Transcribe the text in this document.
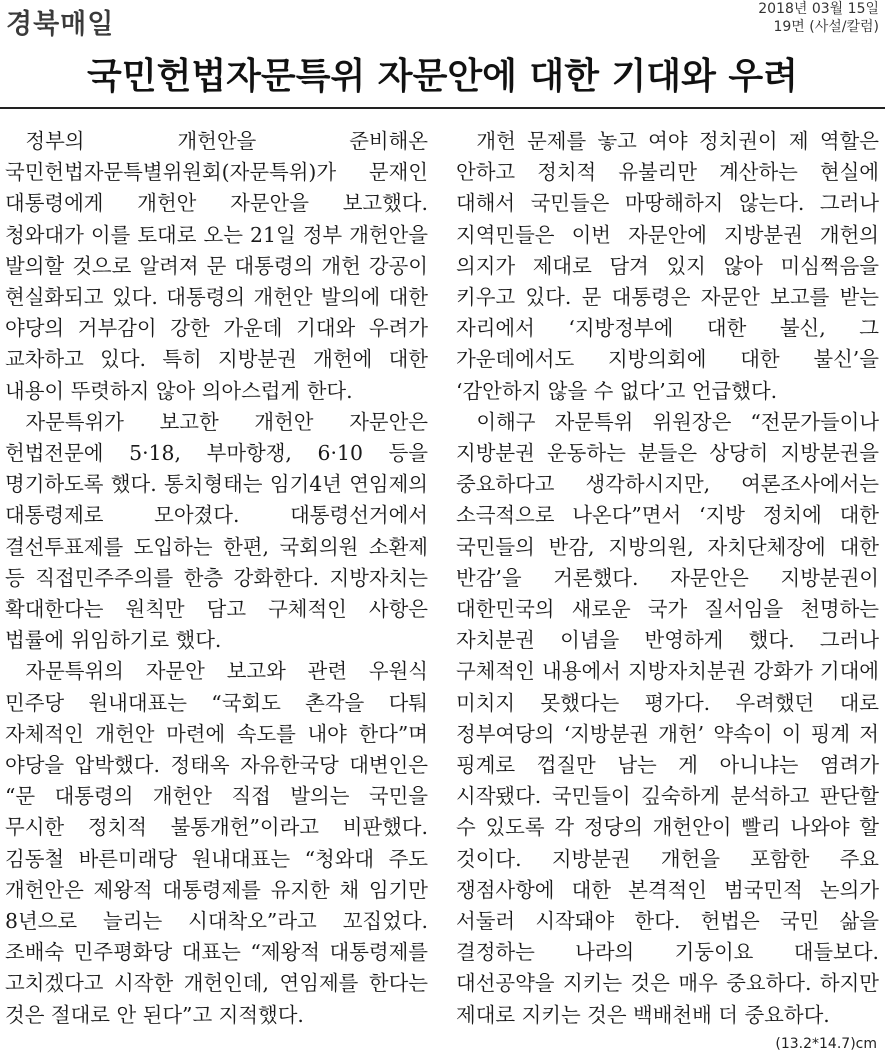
경북매일	2018년 03월 15일
19면 (사설/칼럼)
국민헌법자문특위 자문안에 대한 기대와 우려

정부의 개헌안을 준비해온 국민헌법자문특별위원회(자문특위)가 문재인 대통령에게 개헌안 자문안을 보고했다. 청와대가 이를 토대로 오는 21일 정부 개헌안을 발의할 것으로 알려져 문 대통령의 개헌 강공이 현실화되고 있다. 대통령의 개헌안 발의에 대한 야당의 거부감이 강한 가운데 기대와 우려가 교차하고 있다. 특히 지방분권 개헌에 대한 내용이 뚜렷하지 않아 의아스럽게 한다.

자문특위가 보고한 개헌안 자문안은 헌법전문에 5·18, 부마항쟁, 6·10 등을 명기하도록 했다. 통치형태는 임기4년 연임제의 대통령제로 모아졌다. 대통령선거에서 결선투표제를 도입하는 한편, 국회의원 소환제 등 직접민주주의를 한층 강화한다. 지방자치는 확대한다는 원칙만 담고 구체적인 사항은 법률에 위임하기로 했다.

자문특위의 자문안 보고와 관련 우원식 민주당 원내대표는 “국회도 촌각을 다퉈 자체적인 개헌안 마련에 속도를 내야 한다”며 야당을 압박했다. 정태옥 자유한국당 대변인은 “문 대통령의 개헌안 직접 발의는 국민을 무시한 정치적 불통개헌”이라고 비판했다. 김동철 바른미래당 원내대표는 “청와대 주도 개헌안은 제왕적 대통령제를 유지한 채 임기만 8년으로 늘리는 시대착오”라고 꼬집었다. 조배숙 민주평화당 대표는 “제왕적 대통령제를 고치겠다고 시작한 개헌인데, 연임제를 한다는 것은 절대로 안 된다”고 지적했다.

개헌 문제를 놓고 여야 정치권이 제 역할은 안하고 정치적 유불리만 계산하는 현실에 대해서 국민들은 마땅해하지 않는다. 그러나 지역민들은 이번 자문안에 지방분권 개헌의 의지가 제대로 담겨 있지 않아 미심쩍음을 키우고 있다. 문 대통령은 자문안 보고를 받는 자리에서 ‘지방정부에 대한 불신, 그 가운데에서도 지방의회에 대한 불신’을 ‘감안하지 않을 수 없다’고 언급했다.

이해구 자문특위 위원장은 “전문가들이나 지방분권 운동하는 분들은 상당히 지방분권을 중요하다고 생각하시지만, 여론조사에서는 소극적으로 나온다”면서 ‘지방 정치에 대한 국민들의 반감, 지방의원, 자치단체장에 대한 반감’을 거론했다. 자문안은 지방분권이 대한민국의 새로운 국가 질서임을 천명하는 자치분권 이념을 반영하게 했다. 그러나 구체적인 내용에서 지방자치분권 강화가 기대에 미치지 못했다는 평가다. 우려했던 대로 정부여당의 ‘지방분권 개헌’ 약속이 이 핑계 저 핑계로 껍질만 남는 게 아니냐는 염려가 시작됐다. 국민들이 깊숙하게 분석하고 판단할 수 있도록 각 정당의 개헌안이 빨리 나와야 할 것이다. 지방분권 개헌을 포함한 주요 쟁점사항에 대한 본격적인 범국민적 논의가 서둘러 시작돼야 한다. 헌법은 국민 삶을 결정하는 나라의 기둥이요 대들보다. 대선공약을 지키는 것은 매우 중요하다. 하지만 제대로 지키는 것은 백배천배 더 중요하다.

(13.2*14.7)cm
